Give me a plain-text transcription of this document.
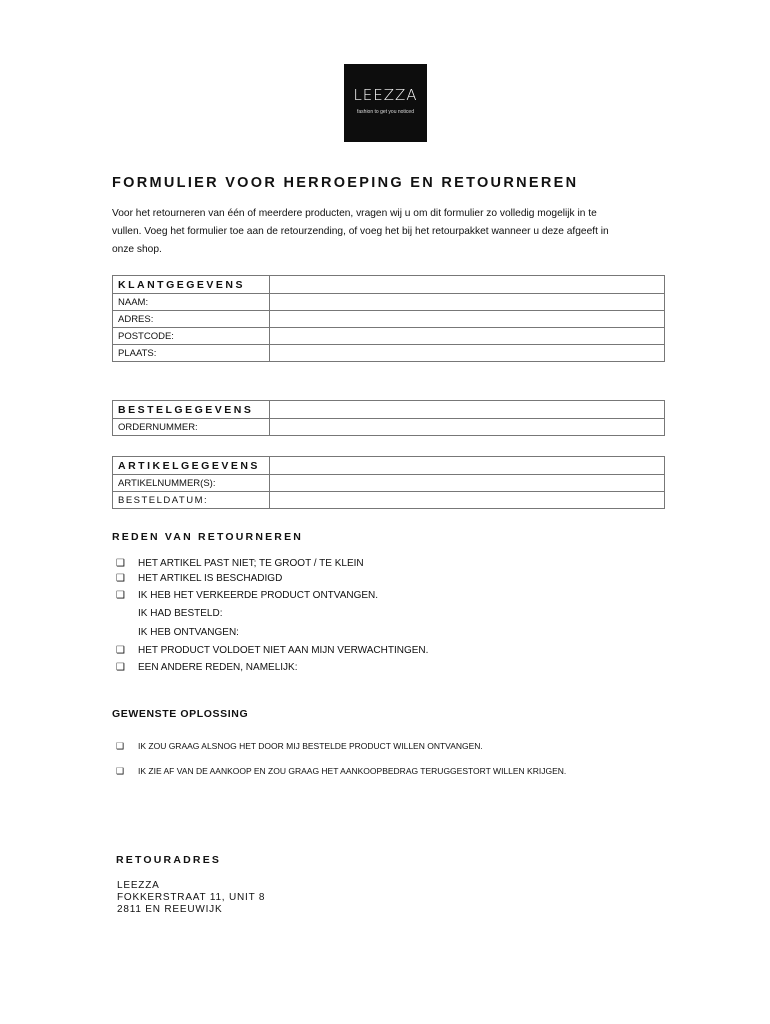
LEEZZA
fashion to get you noticed
FORMULIER VOOR HERROEPING EN RETOURNEREN
Voor het retourneren van één of meerdere producten, vragen wij u om dit formulier zo volledig mogelijk in te
vullen. Voeg het formulier toe aan de retourzending, of voeg het bij het retourpakket wanneer u deze afgeeft in
onze shop.
KLANTGEGEVENS	
NAAM:	
ADRES:	
POSTCODE:	
PLAATS:	
BESTELGEGEVENS	
ORDERNUMMER:	
ARTIKELGEGEVENS	
ARTIKELNUMMER(S):	
BESTELDATUM:	
REDEN VAN RETOURNEREN
❑ HET ARTIKEL PAST NIET; TE GROOT / TE KLEIN
❑ HET ARTIKEL IS BESCHADIGD
❑ IK HEB HET VERKEERDE PRODUCT ONTVANGEN.
IK HAD BESTELD:
IK HEB ONTVANGEN:
❑ HET PRODUCT VOLDOET NIET AAN MIJN VERWACHTINGEN.
❑ EEN ANDERE REDEN, NAMELIJK:
GEWENSTE OPLOSSING
❑ IK ZOU GRAAG ALSNOG HET DOOR MIJ BESTELDE PRODUCT WILLEN ONTVANGEN.
❑ IK ZIE AF VAN DE AANKOOP EN ZOU GRAAG HET AANKOOPBEDRAG TERUGGESTORT WILLEN KRIJGEN.
RETOURADRES
LEEZZA
FOKKERSTRAAT 11, UNIT 8
2811 EN REEUWIJK
